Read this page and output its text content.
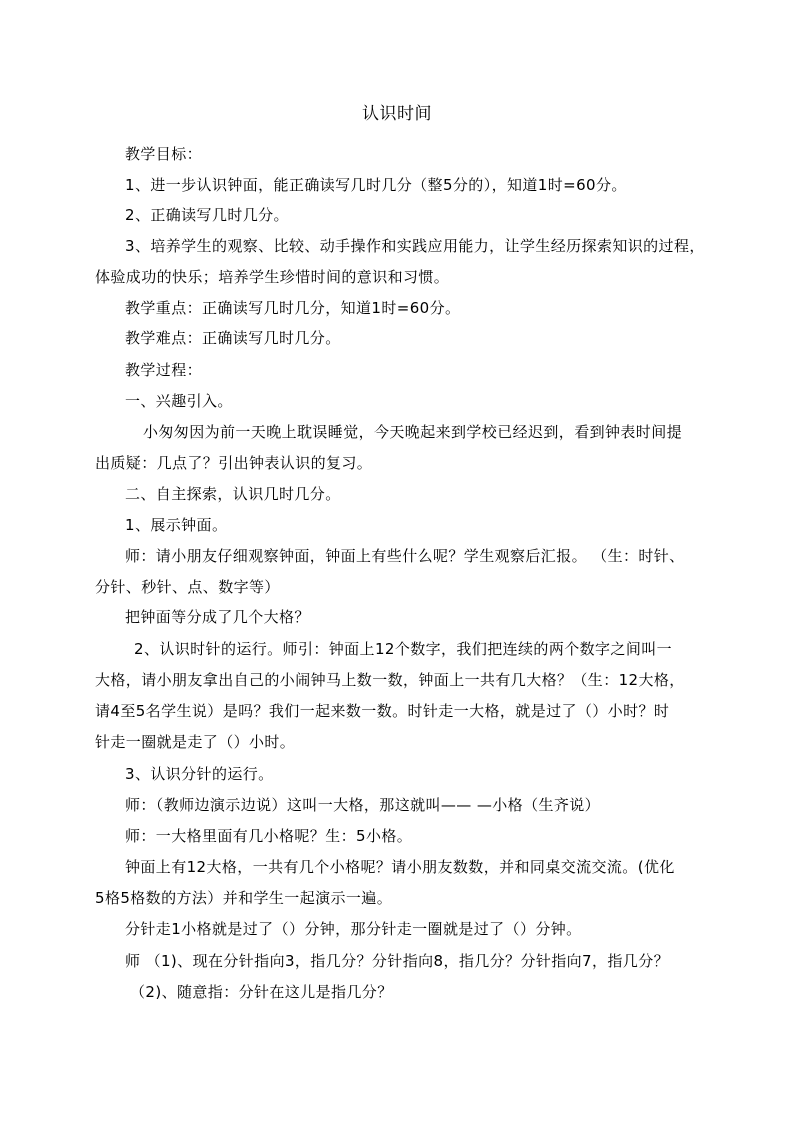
认识时间
教学目标：
1、进一步认识钟面，能正确读写几时几分（整5分的），知道1时=60分。
2、正确读写几时几分。
3、培养学生的观察、比较、动手操作和实践应用能力，让学生经历探索知识的过程，
体验成功的快乐；培养学生珍惜时间的意识和习惯。
教学重点：正确读写几时几分，知道1时=60分。
教学难点：正确读写几时几分。
教学过程：
一、兴趣引入。
小匆匆因为前一天晚上耽误睡觉，今天晚起来到学校已经迟到，看到钟表时间提
出质疑：几点了？引出钟表认识的复习。
二、自主探索，认识几时几分。
1、展示钟面。
师：请小朋友仔细观察钟面，钟面上有些什么呢？学生观察后汇报。 （生：时针、
分针、秒针、点、数字等）
把钟面等分成了几个大格？
2、认识时针的运行。师引：钟面上12个数字，我们把连续的两个数字之间叫一
大格，请小朋友拿出自己的小闹钟马上数一数，钟面上一共有几大格？（生：12大格，
请4至5名学生说）是吗？我们一起来数一数。时针走一大格，就是过了（）小时？时
针走一圈就是走了（）小时。
3、认识分针的运行。
师：（教师边演示边说）这叫一大格，那这就叫—— —小格（生齐说）
师：一大格里面有几小格呢？生：5小格。
钟面上有12大格，一共有几个小格呢？请小朋友数数，并和同桌交流交流。(优化
5格5格数的方法）并和学生一起演示一遍。
分针走1小格就是过了（）分钟，那分针走一圈就是过了（）分钟。
师 （1)、现在分针指向3，指几分？分针指向8，指几分？分针指向7，指几分？
（2)、随意指：分针在这儿是指几分？
